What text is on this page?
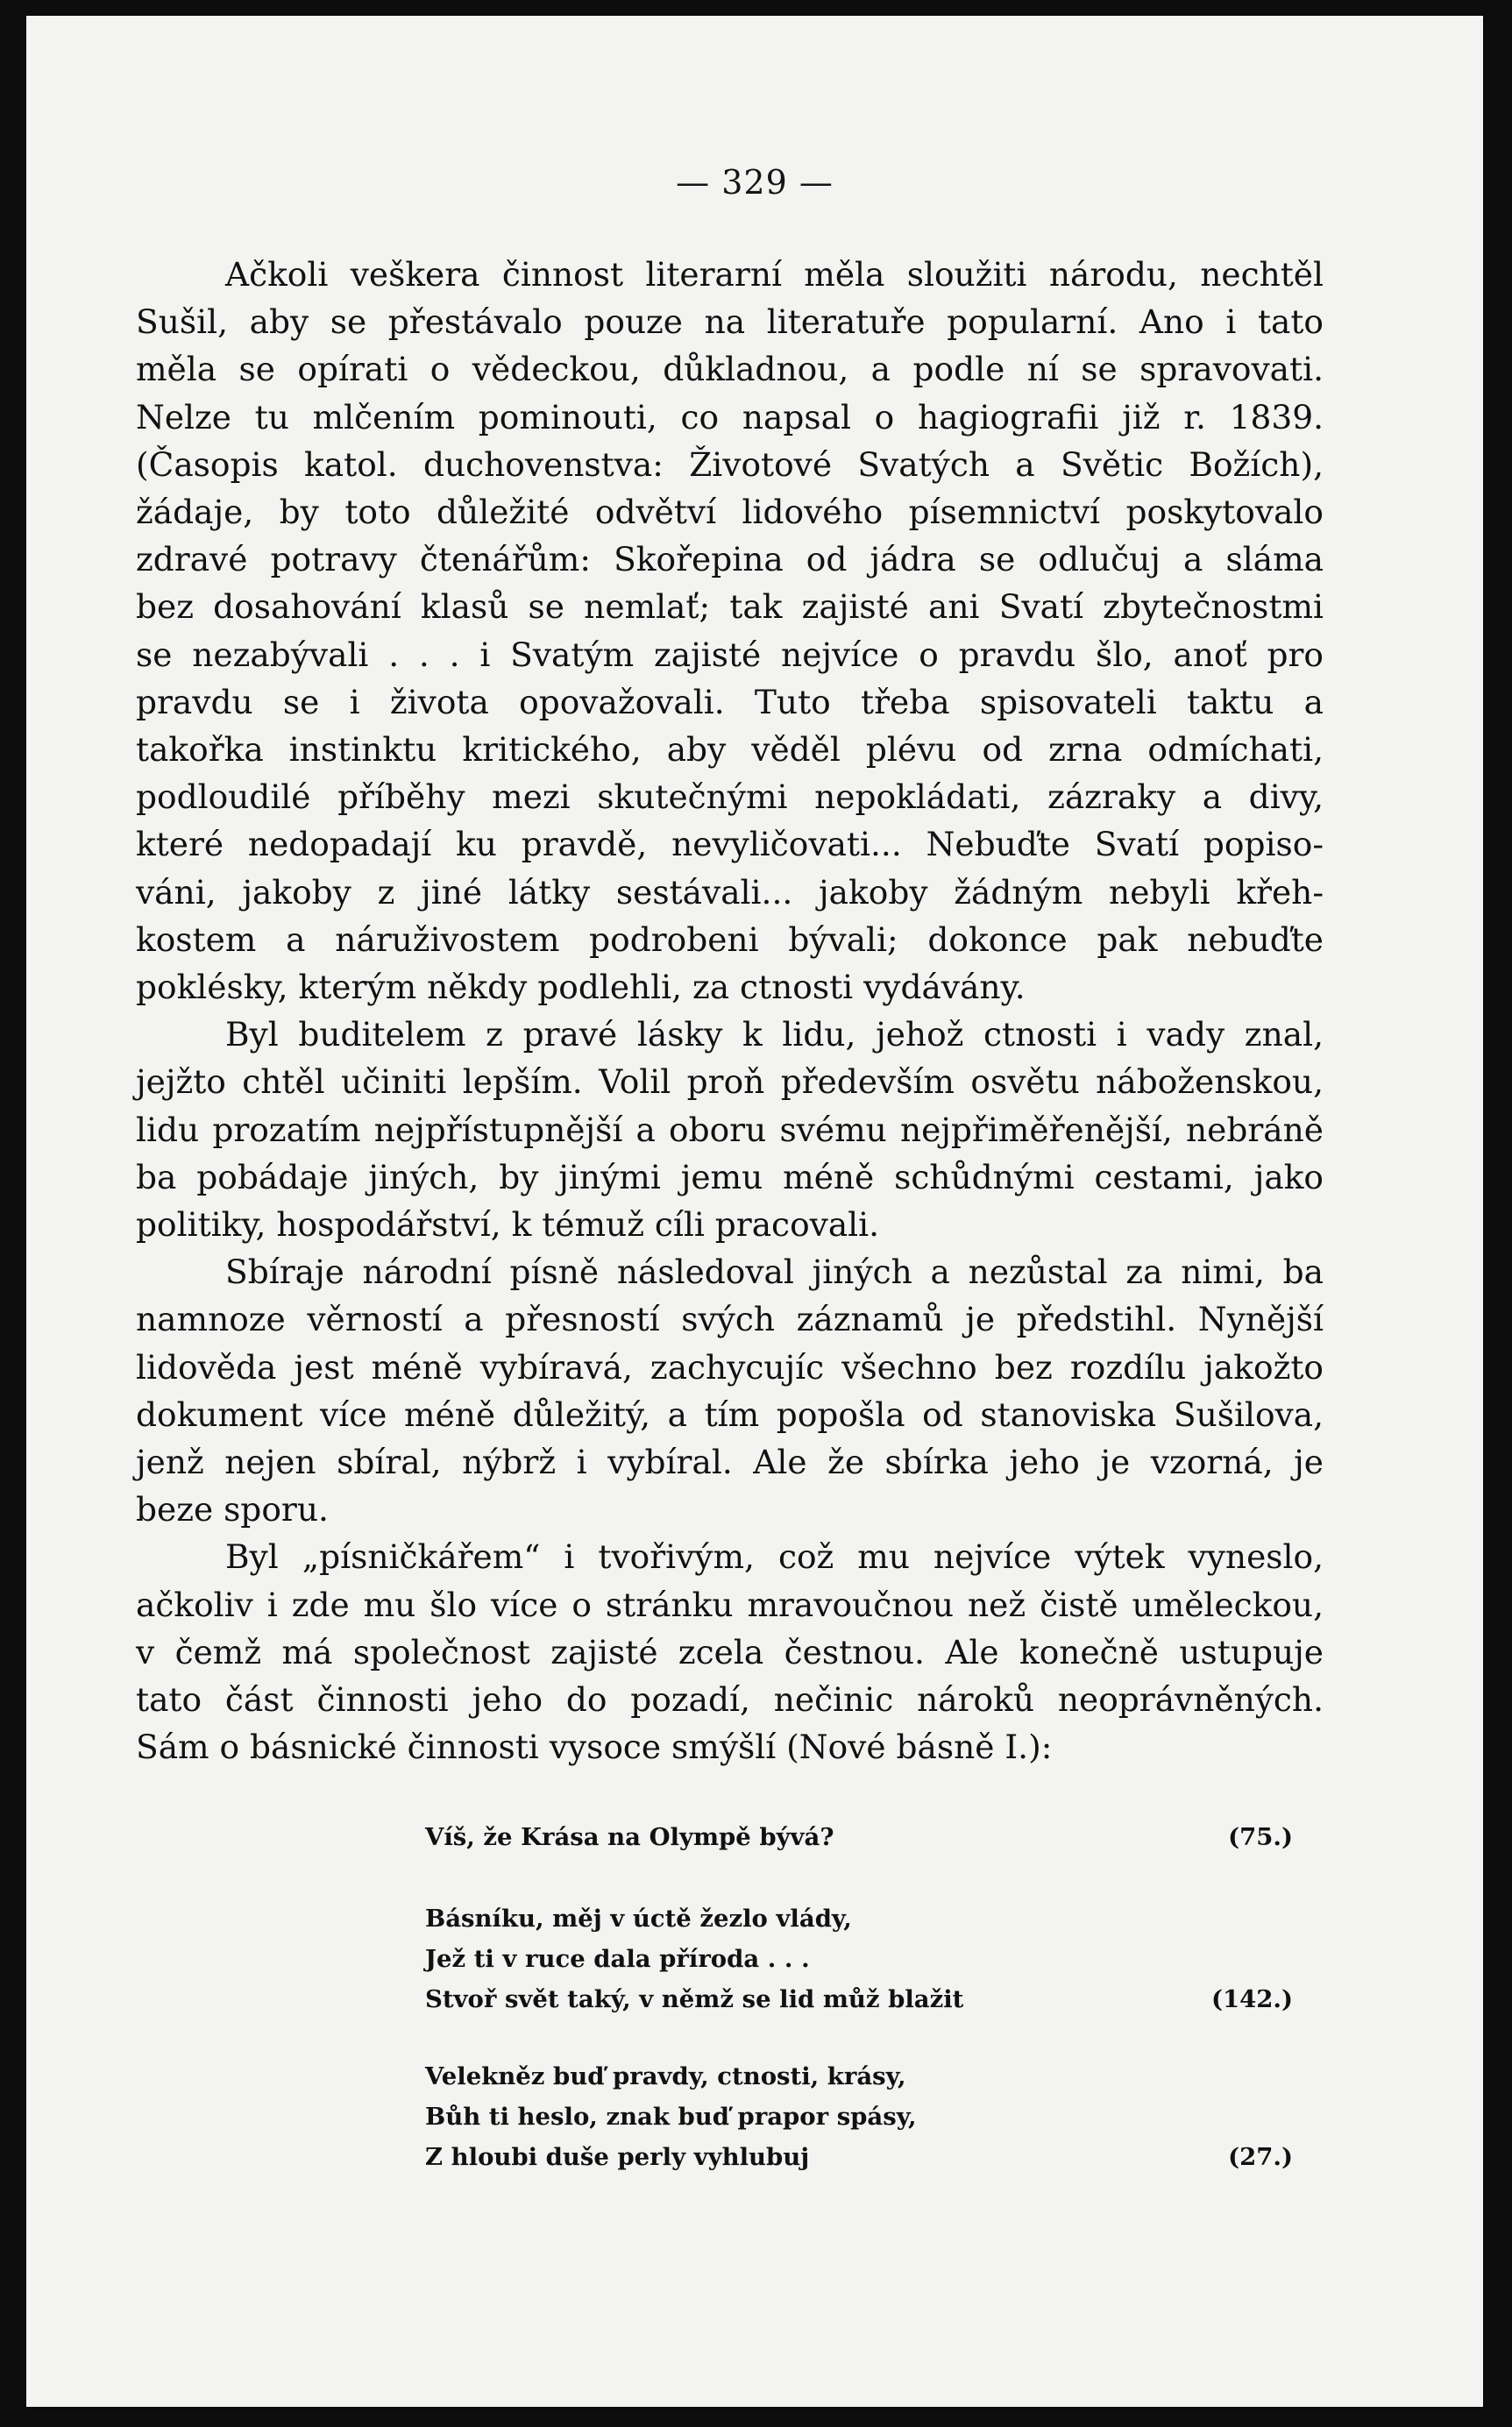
— 329 —
Ačkoli veškera činnost literarní měla sloužiti národu, nechtěl
Sušil, aby se přestávalo pouze na literatuře popularní. Ano i tato
měla se opírati o vědeckou, důkladnou, a podle ní se spravovati.
Nelze tu mlčením pominouti, co napsal o hagiografii již r. 1839.
(Časopis katol. duchovenstva: Životové Svatých a Světic Božích),
žádaje, by toto důležité odvětví lidového písemnictví poskytovalo
zdravé potravy čtenářům: Skořepina od jádra se odlučuj a sláma
bez dosahování klasů se nemlať; tak zajisté ani Svatí zbytečnostmi
se nezabývali . . . i Svatým zajisté nejvíce o pravdu šlo, anoť pro
pravdu se i života opovažovali. Tuto třeba spisovateli taktu a
takořka instinktu kritického, aby věděl plévu od zrna odmíchati,
podloudilé příběhy mezi skutečnými nepokládati, zázraky a divy,
které nedopadají ku pravdě, nevyličovati... Nebuďte Svatí popiso-
váni, jakoby z jiné látky sestávali... jakoby žádným nebyli křeh-
kostem a náruživostem podrobeni bývali; dokonce pak nebuďte
poklésky, kterým někdy podlehli, za ctnosti vydávány.
Byl buditelem z pravé lásky k lidu, jehož ctnosti i vady znal,
jejžto chtěl učiniti lepším. Volil proň především osvětu náboženskou,
lidu prozatím nejpřístupnější a oboru svému nejpřiměřenější, nebráně
ba pobádaje jiných, by jinými jemu méně schůdnými cestami, jako
politiky, hospodářství, k témuž cíli pracovali.
Sbíraje národní písně následoval jiných a nezůstal za nimi, ba
namnoze věrností a přesností svých záznamů je předstihl. Nynější
lidověda jest méně vybíravá, zachycujíc všechno bez rozdílu jakožto
dokument více méně důležitý, a tím popošla od stanoviska Sušilova,
jenž nejen sbíral, nýbrž i vybíral. Ale že sbírka jeho je vzorná, je
beze sporu.
Byl „písničkářem“ i tvořivým, což mu nejvíce výtek vyneslo,
ačkoliv i zde mu šlo více o stránku mravoučnou než čistě uměleckou,
v čemž má společnost zajisté zcela čestnou. Ale konečně ustupuje
tato část činnosti jeho do pozadí, nečinic nároků neoprávněných.
Sám o básnické činnosti vysoce smýšlí (Nové básně I.):
Víš, že Krása na Olympě bývá?	(75.)
Básníku, měj v úctě žezlo vlády,
Jež ti v ruce dala příroda . . .
Stvoř svět taký, v němž se lid můž blažit	(142.)
Velekněz buď pravdy, ctnosti, krásy,
Bůh ti heslo, znak buď prapor spásy,
Z hloubi duše perly vyhlubuj	(27.)
